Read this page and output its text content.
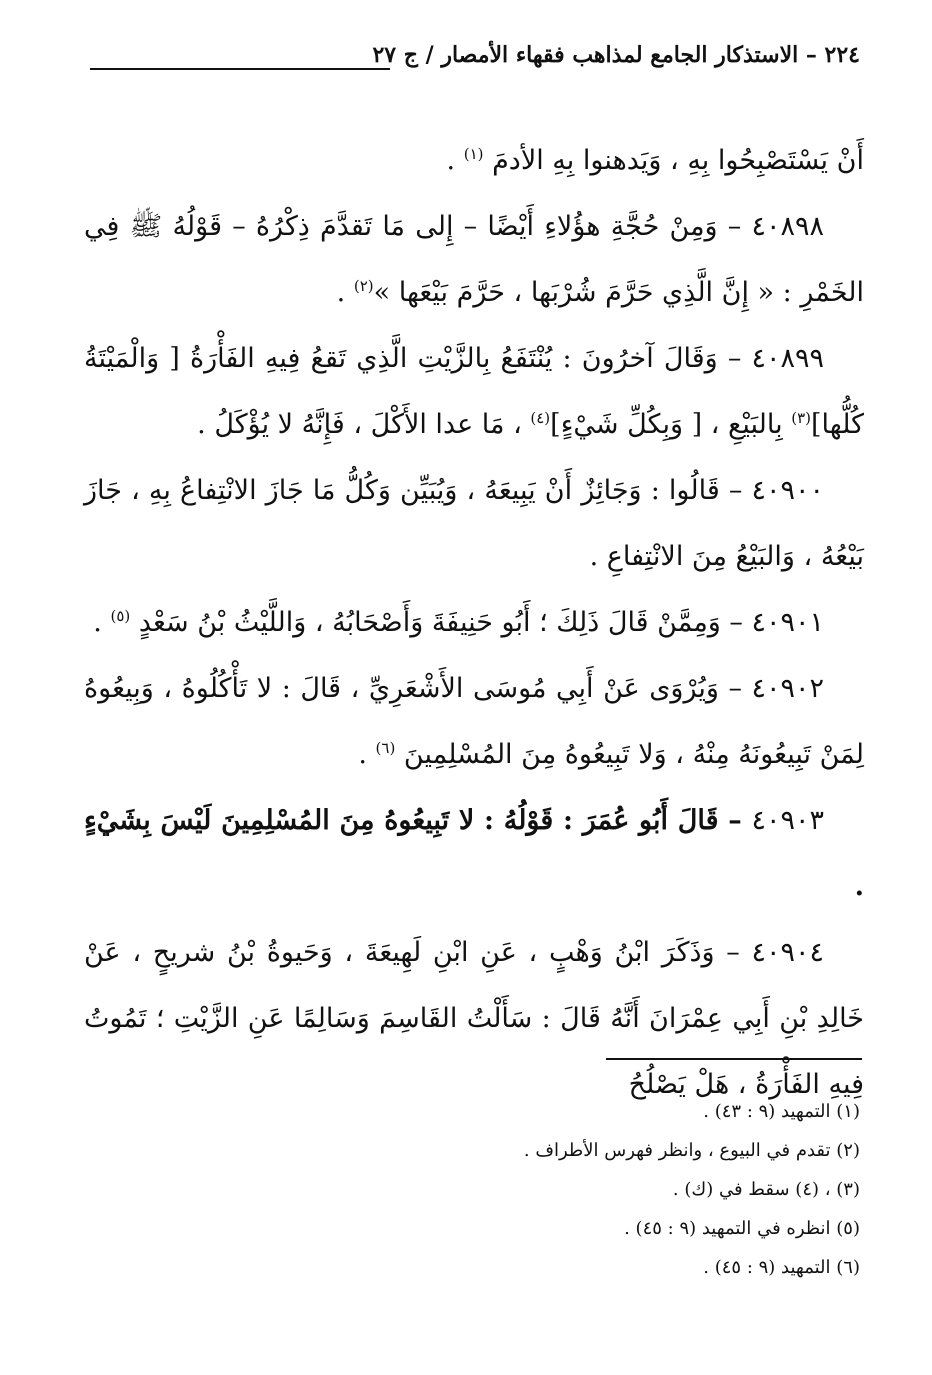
٢٢٤ – الاستذكار الجامع لمذاهب فقهاء الأمصار / ج ٢٧

أَنْ يَسْتَصْبِحُوا بِهِ ، وَيَدهنوا بِهِ الأدمَ $^{(١)}$ .

٤٠٨٩٨ – وَمِنْ حُجَّةِ هؤُلاءِ أَيْضًا – إِلى مَا تَقدَّمَ ذِكْرُهُ – قَوْلُهُ ﷺ فِي الخَمْرِ : « إِنَّ الَّذِي حَرَّمَ شُرْبَها ، حَرَّمَ بَيْعَها »$^{(٢)}$ .

٤٠٨٩٩ – وَقَالَ آخرُونَ : يُنْتَفَعُ بِالزَّيْتِ الَّذِي تَقعُ فِيهِ الفَأْرَةُ [ وَالْمَيْتَةُ كُلُّها]$^{(٣)}$ بِالبَيْعِ ، [ وَبِكُلِّ شَيْءٍ]$^{(٤)}$ ، مَا عدا الأَكْلَ ، فَإِنَّهُ لا يُؤْكَلُ .

٤٠٩٠٠ – قَالُوا : وَجَائِزٌ أَنْ يَبِيعَهُ ، وَيُبَيِّن وَكُلُّ مَا جَازَ الانْتِفاعُ بِهِ ، جَازَ بَيْعُهُ ، وَالبَيْعُ مِنَ الانْتِفاعِ .

٤٠٩٠١ – وَمِمَّنْ قَالَ ذَلِكَ ؛ أَبُو حَنِيفَةَ وَأَصْحَابُهُ ، وَاللَّيْثُ بْنُ سَعْدٍ $^{(٥)}$ .

٤٠٩٠٢ – وَيُرْوَى عَنْ أَبِي مُوسَى الأَشْعَرِيِّ ، قَالَ : لا تَأْكُلُوهُ ، وَبِيعُوهُ لِمَنْ تَبِيعُونَهُ مِنْهُ ، وَلا تَبِيعُوهُ مِنَ المُسْلِمِينَ $^{(٦)}$ .

٤٠٩٠٣ – قَالَ أَبُو عُمَرَ : قَوْلُهُ : لا تَبِيعُوهُ مِنَ المُسْلِمِينَ لَيْسَ بِشَيْءٍ .

٤٠٩٠٤ – وَذَكَرَ ابْنُ وَهْبٍ ، عَنِ ابْنِ لَهِيعَةَ ، وَحَيوةُ بْنُ شريحٍ ، عَنْ خَالِدِ بْنِ أَبِي عِمْرَانَ أَنَّهُ قَالَ : سَأَلْتُ القَاسِمَ وَسَالِمًا عَنِ الزَّيْتِ ؛ تَمُوتُ فِيهِ الفَأْرَةُ ، هَلْ يَصْلُحُ

(١) التمهيد (٩ : ٤٣) .
(٢) تقدم في البيوع ، وانظر فهرس الأطراف .
(٣) ، (٤) سقط في (ك) .
(٥) انظره في التمهيد (٩ : ٤٥) .
(٦) التمهيد (٩ : ٤٥) .
